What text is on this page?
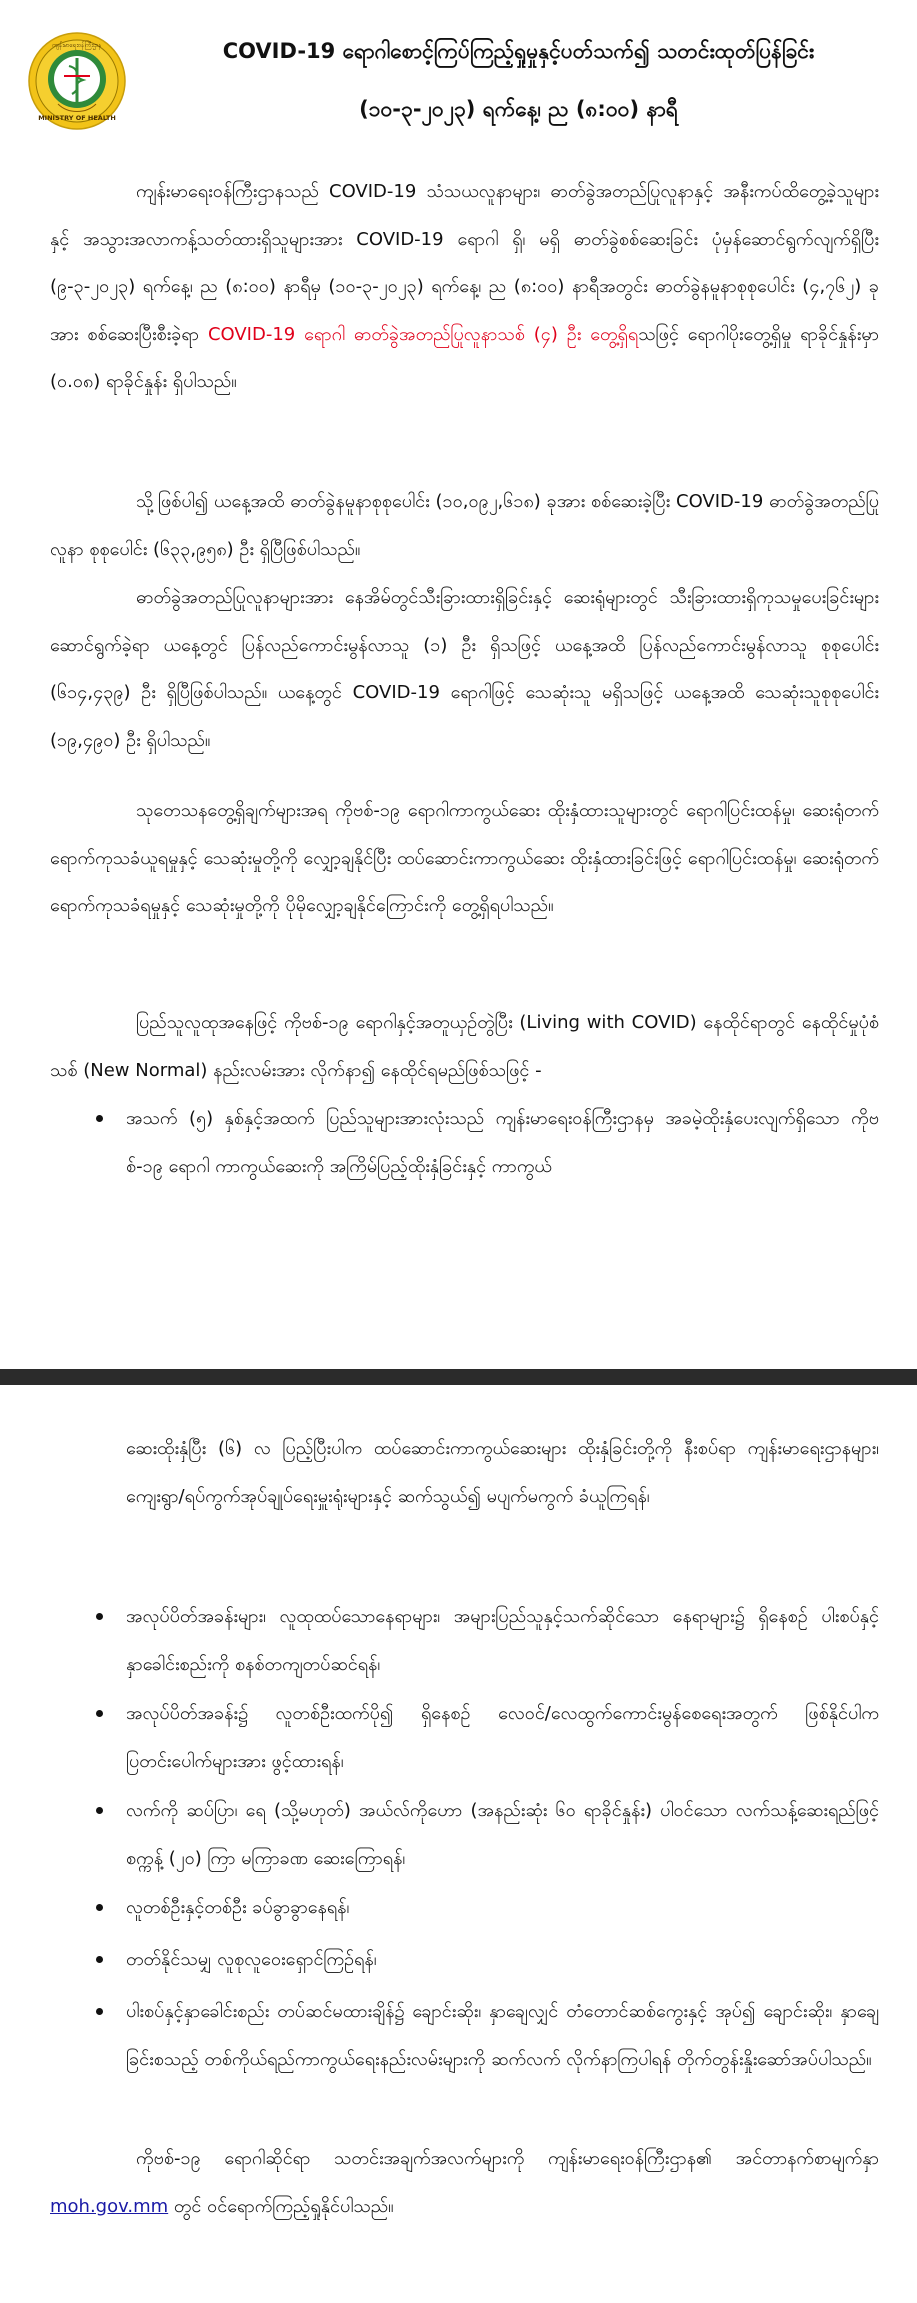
MINISTRY OF HEALTH
ကျန်းမာရေးဝန်ကြီးဌာန	COVID-19 ရောဂါစောင့်ကြပ်ကြည့်ရှုမှုနှင့်ပတ်သက်၍ သတင်းထုတ်ပြန်ခြင်း
(၁၀-၃-၂၀၂၃) ရက်နေ့၊ ည (၈:၀၀) နာရီ
ကျန်းမာရေးဝန်ကြီးဌာနသည် COVID-19 သံသယလူနာများ၊ ဓာတ်ခွဲအတည်ပြုလူနာနှင့် အနီးကပ်ထိတွေ့ခဲ့သူများနှင့် အသွားအလာကန့်သတ်ထားရှိသူများအား COVID-19 ရောဂါ ရှိ၊ မရှိ ဓာတ်ခွဲစစ်ဆေးခြင်း ပုံမှန်ဆောင်ရွက်လျက်ရှိပြီး (၉-၃-၂၀၂၃) ရက်နေ့၊ ည (၈:၀၀) နာရီမှ (၁၀-၃-၂၀၂၃) ရက်နေ့၊ ည (၈:၀၀) နာရီအတွင်း ဓာတ်ခွဲနမူနာစုစုပေါင်း (၄,၇၆၂) ခုအား စစ်ဆေးပြီးစီးခဲ့ရာ COVID-19 ရောဂါ ဓာတ်ခွဲအတည်ပြုလူနာသစ် (၄) ဦး တွေ့ရှိရသဖြင့် ရောဂါပိုးတွေ့ရှိမှု ရာခိုင်နှုန်းမှာ (၀.၀၈) ရာခိုင်နှုန်း ရှိပါသည်။
သို့ဖြစ်ပါ၍ ယနေ့အထိ ဓာတ်ခွဲနမူနာစုစုပေါင်း (၁၀,၀၉၂,၆၁၈) ခုအား စစ်ဆေးခဲ့ပြီး COVID-19 ဓာတ်ခွဲအတည်ပြုလူနာ စုစုပေါင်း (၆၃၃,၉၅၈) ဦး ရှိပြီဖြစ်ပါသည်။
ဓာတ်ခွဲအတည်ပြုလူနာများအား နေအိမ်တွင်သီးခြားထားရှိခြင်းနှင့် ဆေးရုံများတွင် သီးခြားထားရှိကုသမှုပေးခြင်းများ ဆောင်ရွက်ခဲ့ရာ ယနေ့တွင် ပြန်လည်ကောင်းမွန်လာသူ (၁) ဦး ရှိသဖြင့် ယနေ့အထိ ပြန်လည်ကောင်းမွန်လာသူ စုစုပေါင်း (၆၁၄,၄၃၉) ဦး ရှိပြီဖြစ်ပါသည်။ ယနေ့တွင် COVID-19 ရောဂါဖြင့် သေဆုံးသူ မရှိသဖြင့် ယနေ့အထိ သေဆုံးသူစုစုပေါင်း (၁၉,၄၉၀) ဦး ရှိပါသည်။
သုတေသနတွေ့ရှိချက်များအရ ကိုဗစ်-၁၉ ရောဂါကာကွယ်ဆေး ထိုးနှံထားသူများတွင် ရောဂါပြင်းထန်မှု၊ ဆေးရုံတက်ရောက်ကုသခံယူရမှုနှင့် သေဆုံးမှုတို့ကို လျှော့ချနိုင်ပြီး ထပ်ဆောင်းကာကွယ်ဆေး ထိုးနှံထားခြင်းဖြင့် ရောဂါပြင်းထန်မှု၊ ဆေးရုံတက်ရောက်ကုသခံရမှုနှင့် သေဆုံးမှုတို့ကို ပိုမိုလျှော့ချနိုင်ကြောင်းကို တွေ့ရှိရပါသည်။
ပြည်သူလူထုအနေဖြင့် ကိုဗစ်-၁၉ ရောဂါနှင့်အတူယှဉ်တွဲပြီး (Living with COVID) နေထိုင်ရာတွင် နေထိုင်မှုပုံစံသစ် (New Normal) နည်းလမ်းအား လိုက်နာ၍ နေထိုင်ရမည်ဖြစ်သဖြင့် -
အသက် (၅) နှစ်နှင့်အထက် ပြည်သူများအားလုံးသည် ကျန်းမာရေးဝန်ကြီးဌာနမှ အခမဲ့ထိုးနှံပေးလျက်ရှိသော ကိုဗစ်-၁၉ ရောဂါ ကာကွယ်ဆေးကို အကြိမ်ပြည့်ထိုးနှံခြင်းနှင့် ကာကွယ်
ဆေးထိုးနှံပြီး (၆) လ ပြည့်ပြီးပါက ထပ်ဆောင်းကာကွယ်ဆေးများ ထိုးနှံခြင်းတို့ကို နီးစပ်ရာ ကျန်းမာရေးဌာနများ၊ ကျေးရွာ/ရပ်ကွက်အုပ်ချုပ်ရေးမှူးရုံးများနှင့် ဆက်သွယ်၍ မပျက်မကွက် ခံယူကြရန်၊
အလုပ်ပိတ်အခန်းများ၊ လူထုထပ်သောနေရာများ၊ အများပြည်သူနှင့်သက်ဆိုင်သော နေရာများ၌ ရှိနေစဉ် ပါးစပ်နှင့်နှာခေါင်းစည်းကို စနစ်တကျတပ်ဆင်ရန်၊
အလုပ်ပိတ်အခန်း၌ လူတစ်ဦးထက်ပို၍ ရှိနေစဉ် လေဝင်/လေထွက်ကောင်းမွန်စေရေးအတွက် ဖြစ်နိုင်ပါက ပြတင်းပေါက်များအား ဖွင့်ထားရန်၊
လက်ကို ဆပ်ပြာ၊ ရေ (သို့မဟုတ်) အယ်လ်ကိုဟော (အနည်းဆုံး ၆၀ ရာခိုင်နှုန်း) ပါဝင်သော လက်သန့်ဆေးရည်ဖြင့် စက္ကန့် (၂၀) ကြာ မကြာခဏ ဆေးကြောရန်၊
လူတစ်ဦးနှင့်တစ်ဦး ခပ်ခွာခွာနေရန်၊
တတ်နိုင်သမျှ လူစုလူဝေးရှောင်ကြဉ်ရန်၊
ပါးစပ်နှင့်နှာခေါင်းစည်း တပ်ဆင်မထားချိန်၌ ချောင်းဆိုး၊ နှာချေလျှင် တံတောင်ဆစ်ကွေးနှင့် အုပ်၍ ချောင်းဆိုး၊ နှာချေခြင်းစသည့် တစ်ကိုယ်ရည်ကာကွယ်ရေးနည်းလမ်းများကို ဆက်လက် လိုက်နာကြပါရန် တိုက်တွန်းနှိုးဆော်အပ်ပါသည်။
ကိုဗစ်-၁၉ ရောဂါဆိုင်ရာ သတင်းအချက်အလက်များကို ကျန်းမာရေးဝန်ကြီးဌာန၏ အင်တာနက်စာမျက်နှာ moh.gov.mm တွင် ဝင်ရောက်ကြည့်ရှုနိုင်ပါသည်။
